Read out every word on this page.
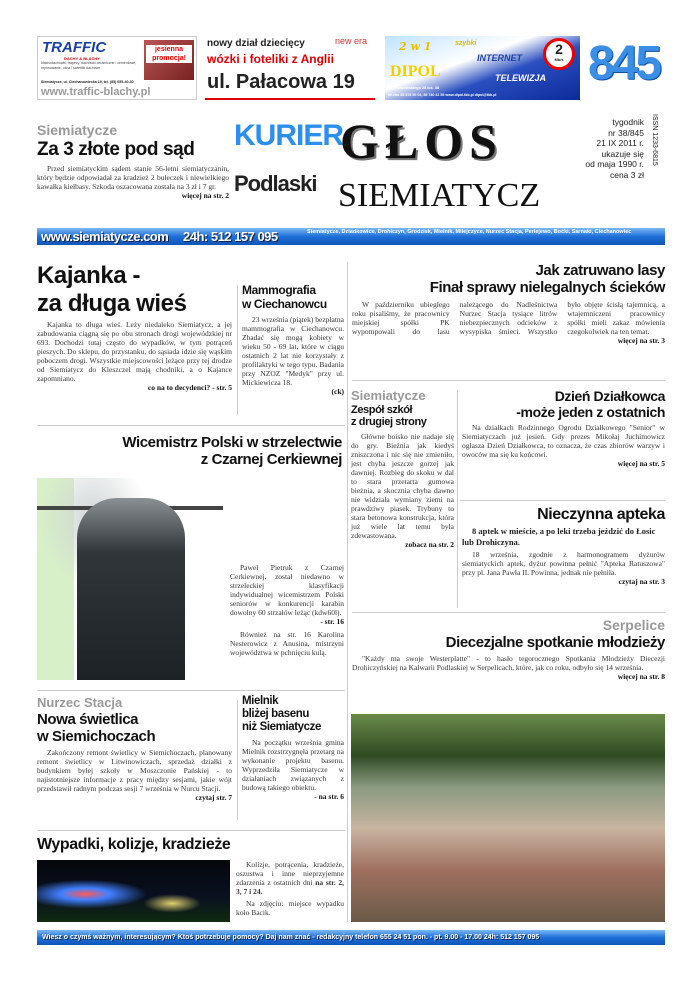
TRAFFIC
DACHY & BLACHY
jesienna promocja!
blachodachówki, trapezy, dachówki ceramiczne i cementowe, orynnowanie, okna i świetliki dachowe
Siemiatycze, ul. Ciechanowiecka 19, tel. (85) 655-40-30
www.traffic-blachy.pl
nowy dział dziecięcy	new era
wózki i foteliki z Anglii
ul. Pałacowa 19
2 w 1	szybki
INTERNET
DIPOL	TELEWIZJA
2
Mb/s
ul. Kraszewskiego 28 lok. 38
tel./fax 85 878 90 04, 85 740 41 55 www.dipol.tkb.pl dipol@tkb.pl
845
Siemiatycze
Za 3 złote pod sąd
Przed siemiatyckim sądem stanie 56-letni siemiatyczanin, który będzie odpowiadał za kradzież 2 bułeczek i niewielkiego kawałka kiełbasy. Szkoda oszacowana została na 3 zł i 7 gr.
więcej na str. 2
KURIER
Podlaski
GŁOS
SIEMIATYCZ
tygodnik
nr 38/845
21 IX 2011 r.
ukazuje się
od maja 1990 r.
cena 3 zł
ISSN 1233-6815
www.siemiatycze.com 24h: 512 157 095	Siemiatycze, Dziadkowice, Drohiczyn, Grodzisk, Mielnik, Milejczyce, Nurzec Stacja, Perlejewo, Boćki, Sarnaki, Ciechanowiec
Kajanka -
za długa wieś
Kajanka to długa wieś. Leży niedaleko Siemiatycz, a jej zabudowania ciągną się po obu stronach drogi wojewódzkiej nr 693. Dochodzi tutaj często do wypadków, w tym potrąceń pieszych. Do sklepu, do przystanku, do sąsiada idzie się wąskim poboczem drogi. Wszystkie miejscowości leżące przy tej drodze od Siemiatycz do Kleszczel mają chodniki, a o Kajance zapomniano.
co na to decydenci? - str. 5
Mammografia
w Ciechanowcu
23 września (piątek) bezpłatna mammografia w Ciechanowcu. Zbadać się mogą kobiety w wieku 50 - 69 lat, które w ciągu ostatnich 2 lat nie korzystały z profilaktyki w tego typu. Badania przy NZOZ "Medyk" przy ul. Mickiewicza 18.
(ck)
Jak zatruwano lasy
Finał sprawy nielegalnych ścieków
W październiku ubiegłego roku pisaliśmy, że pracownicy miejskiej spółki PK wypompowali do lasu należącego do Nadleśnictwa Nurzec Stacja tysiące litrów niebezpiecznych odcieków z wysypiska śmieci. Wszystko było objęte ścisłą tajemnicą, a wtajemniczeni pracownicy spółki mieli zakaz mówienia czegokolwiek na ten temat.
więcej na str. 3
Wicemistrz Polski w strzelectwie
z Czarnej Cerkiewnej
Paweł Pietruk z Czarnej Cerkiewnej, został niedawno w strzeleckiej klasyfikacji indywidualnej wicemistrzem Polski seniorów w konkurencji karabin dowolny 60 strzałów leżąc (kdw60l).
- str. 16
Również na str. 16 Karolina Nesterowicz z Anusina, mistrzyni województwa w pchnięciu kulą.
Siemiatycze
Zespół szkół
z drugiej strony
Główne boisko nie nadaje się do gry. Bieżnia jak kiedyś zniszczona i nic się nie zmieniło, jest chyba jeszcze gorzej jak dawniej. Rozbieg do skoku w dal to stara przetarta gumowa bieżnia, a skocznia chyba dawno nie widziała wymiany ziemi na prawdziwy piasek. Trybuny to stara betonowa konstrukcja, która już wiele lat temu była zdewastowana.
zobacz na str. 2
Dzień Działkowca
-może jeden z ostatnich
Na działkach Rodzinnego Ogrodu Działkowego "Senior" w Siemiatyczach już jesień. Gdy prezes Mikołaj Juchimowicz ogłasza Dzień Działkowca, to oznacza, że czas zbiorów warzyw i owoców ma się ku końcowi.
więcej na str. 5
Nieczynna apteka
8 aptek w mieście, a po leki trzeba jeździć do Łosic lub Drohiczyna.
18 września, zgodnie z harmonogramem dyżurów siemiatyckich aptek, dyżur powinna pełnić "Apteka Ratuszowa" przy pl. Jana Pawła II. Powinna, jednak nie pełniła.
czytaj na str. 3
Serpelice
Diecezjalne spotkanie młodzieży
"Każdy ma swoje Westerplatte" - to hasło tegorocznego Spotkania Młodzieży Diecezji Drohiczyńskiej na Kalwarii Podlaskiej w Serpelicach, które, jak co roku, odbyło się 14 września.
więcej na str. 8
Nurzec Stacja
Nowa świetlica
w Siemichoczach
Zakończony remont świetlicy w Siemichoczach, planowany remont świetlicy w Litwinowiczach, sprzedaż działki z budynkiem byłej szkoły w Moszczonie Pańskiej - to najistotniejsze informacje z pracy między sesjami, jakie wójt przedstawił radnym podczas sesji 7 września w Nurcu Stacji.
czytaj str. 7
Mielnik
bliżej basenu
niż Siemiatycze
Na początku września gmina Mielnik rozstrzygnęła przetarg na wykonanie projektu basenu. Wyprzedziła Siemiatycze w działaniach związanych z budową takiego obiektu.
- na str. 6
Wypadki, kolizje, kradzieże
Kolizje, potrącenia, kradzieże, oszustwa i inne nieprzyjemne zdarzenia z ostatnich dni na str. 2, 3, 7 i 24.
Na zdjęciu: miejsce wypadku koło Bacik.
Wiesz o czymś ważnym, interesującym? Ktoś potrzebuje pomocy? Daj nam znać - redakcyjny telefon 655 24 51 pon. - pt. 9.00 - 17.00 24h: 512 157 095
